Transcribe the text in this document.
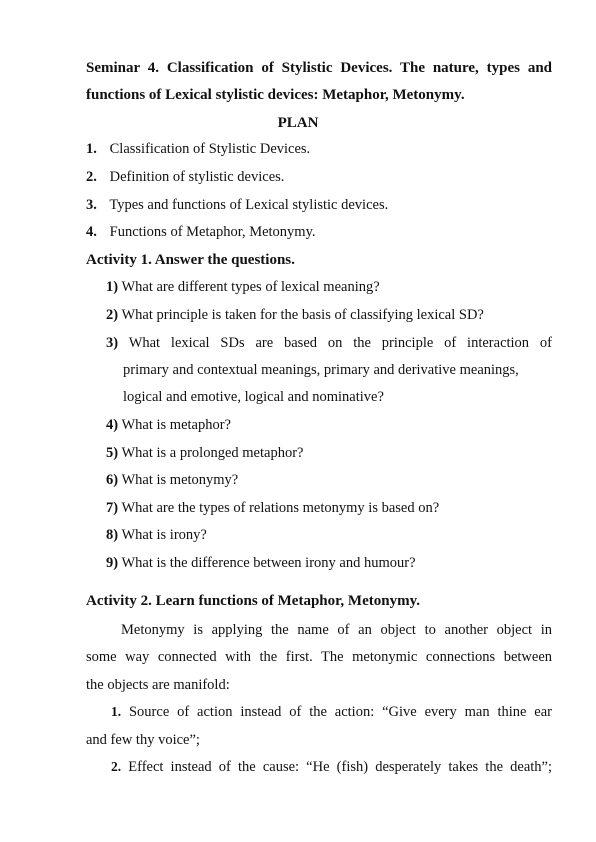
Seminar 4. Classification of Stylistic Devices. The nature, types and
functions of Lexical stylistic devices: Metaphor, Metonymy.
PLAN
1. Classification of Stylistic Devices.
2. Definition of stylistic devices.
3. Types and functions of Lexical stylistic devices.
4. Functions of Metaphor, Metonymy.
Activity 1. Answer the questions.
1) What are different types of lexical meaning?
2) What principle is taken for the basis of classifying lexical SD?
3) What lexical SDs are based on the principle of interaction of
primary and contextual meanings, primary and derivative meanings,
logical and emotive, logical and nominative?
4) What is metaphor?
5) What is a prolonged metaphor?
6) What is metonymy?
7) What are the types of relations metonymy is based on?
8) What is irony?
9) What is the difference between irony and humour?
Activity 2. Learn functions of Metaphor, Metonymy.
Metonymy is applying the name of an object to another object in
some way connected with the first. The metonymic connections between
the objects are manifold:
1. Source of action instead of the action: “Give every man thine ear
and few thy voice”;
2. Effect instead of the cause: “He (fish) desperately takes the death”;
